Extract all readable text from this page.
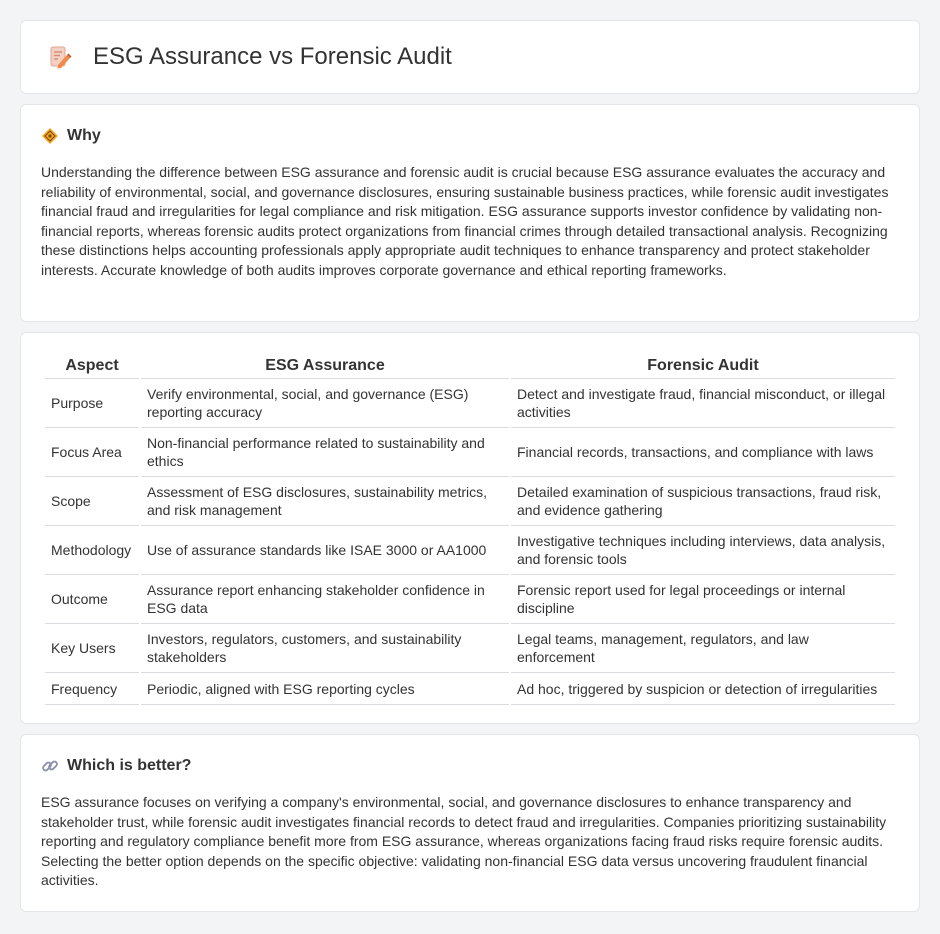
ESG Assurance vs Forensic Audit
Why

Understanding the difference between ESG assurance and forensic audit is crucial because ESG assurance evaluates the accuracy and reliability of environmental, social, and governance disclosures, ensuring sustainable business practices, while forensic audit investigates financial fraud and irregularities for legal compliance and risk mitigation. ESG assurance supports investor confidence by validating non-financial reports, whereas forensic audits protect organizations from financial crimes through detailed transactional analysis. Recognizing these distinctions helps accounting professionals apply appropriate audit techniques to enhance transparency and protect stakeholder interests. Accurate knowledge of both audits improves corporate governance and ethical reporting frameworks.

Aspect	ESG Assurance	Forensic Audit
Purpose	Verify environmental, social, and governance (ESG) reporting accuracy	Detect and investigate fraud, financial misconduct, or illegal activities
Focus Area	Non-financial performance related to sustainability and ethics	Financial records, transactions, and compliance with laws
Scope	Assessment of ESG disclosures, sustainability metrics, and risk management	Detailed examination of suspicious transactions, fraud risk, and evidence gathering
Methodology	Use of assurance standards like ISAE 3000 or AA1000	Investigative techniques including interviews, data analysis, and forensic tools
Outcome	Assurance report enhancing stakeholder confidence in ESG data	Forensic report used for legal proceedings or internal discipline
Key Users	Investors, regulators, customers, and sustainability stakeholders	Legal teams, management, regulators, and law enforcement
Frequency	Periodic, aligned with ESG reporting cycles	Ad hoc, triggered by suspicion or detection of irregularities
Which is better?

ESG assurance focuses on verifying a company's environmental, social, and governance disclosures to enhance transparency and stakeholder trust, while forensic audit investigates financial records to detect fraud and irregularities. Companies prioritizing sustainability reporting and regulatory compliance benefit more from ESG assurance, whereas organizations facing fraud risks require forensic audits. Selecting the better option depends on the specific objective: validating non-financial ESG data versus uncovering fraudulent financial activities.
